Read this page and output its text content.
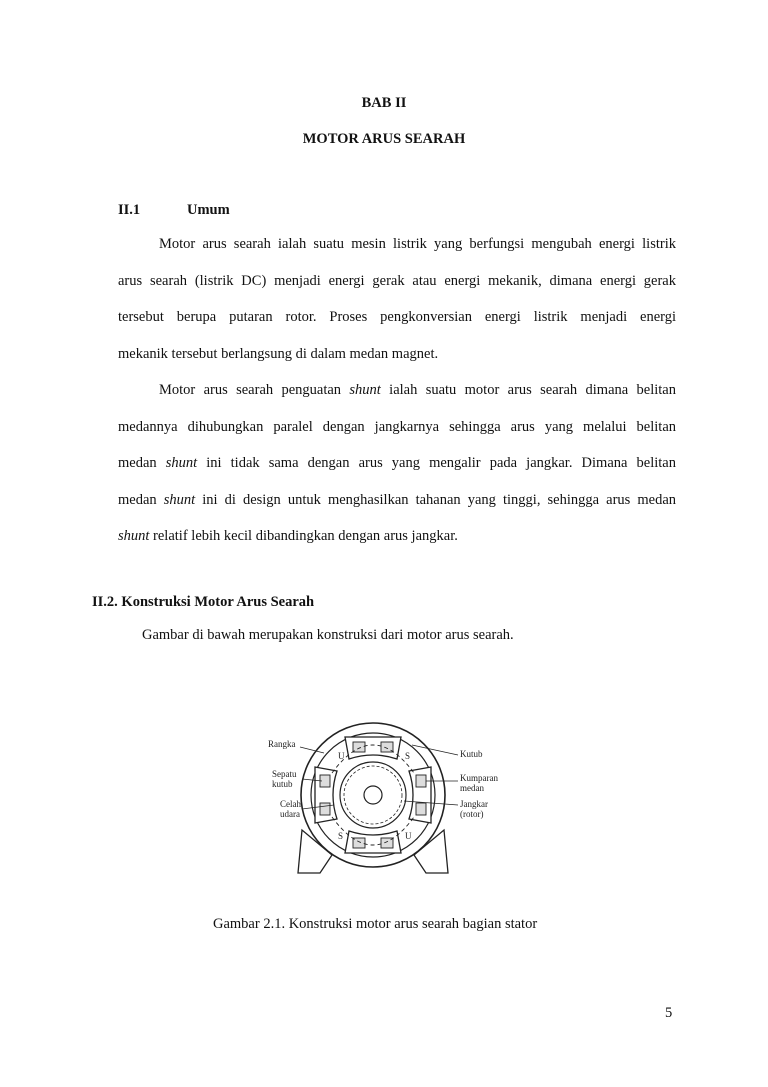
BAB II
MOTOR ARUS SEARAH
II.1	Umum
Motor arus searah ialah suatu mesin listrik yang berfungsi mengubah energi listrik
arus searah (listrik DC) menjadi energi gerak atau energi mekanik, dimana energi gerak
tersebut berupa putaran rotor. Proses pengkonversian energi listrik menjadi energi
mekanik tersebut berlangsung di dalam medan magnet.
Motor arus searah penguatan shunt ialah suatu motor arus searah dimana belitan
medannya dihubungkan paralel dengan jangkarnya sehingga arus yang melalui belitan
medan shunt ini tidak sama dengan arus yang mengalir pada jangkar. Dimana belitan
medan shunt ini di design untuk menghasilkan tahanan yang tinggi, sehingga arus medan
shunt relatif lebih kecil dibandingkan dengan arus jangkar.
II.2. Konstruksi Motor Arus Searah
Gambar di bawah merupakan konstruksi dari motor arus searah.
U	S
S	U
Rangka
Sepatu
kutub
Celah
udara
Kutub
Kumparan
medan
Jangkar
(rotor)
Gambar 2.1. Konstruksi motor arus searah bagian stator
5
